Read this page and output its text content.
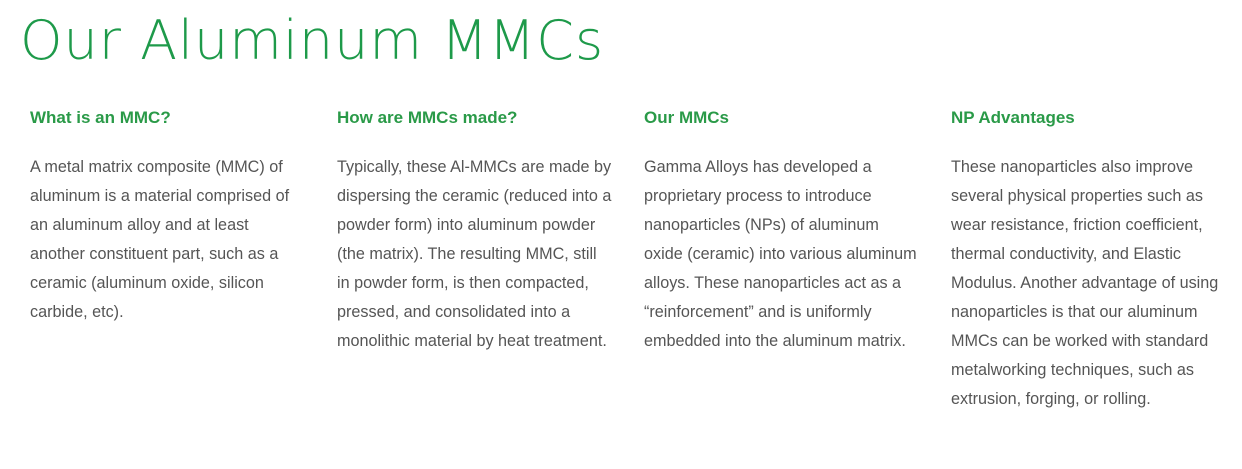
Our Aluminum MMCs
What is an MMC?

A metal matrix composite (MMC) of aluminum is a material comprised of an aluminum alloy and at least another constituent part, such as a ceramic (aluminum oxide, silicon carbide, etc).

How are MMCs made?

Typically, these Al-MMCs are made by dispersing the ceramic (reduced into a powder form) into aluminum powder (the matrix). The resulting MMC, still in powder form, is then compacted, pressed, and consolidated into a monolithic material by heat treatment.

Our MMCs

Gamma Alloys has developed a proprietary process to introduce nanoparticles (NPs) of aluminum oxide (ceramic) into various aluminum alloys. These nanoparticles act as a “reinforcement” and is uniformly embedded into the aluminum matrix.

NP Advantages

These nanoparticles also improve several physical properties such as wear resistance, friction coefficient, thermal conductivity, and Elastic Modulus. Another advantage of using nanoparticles is that our aluminum MMCs can be worked with standard metalworking techniques, such as extrusion, forging, or rolling.
